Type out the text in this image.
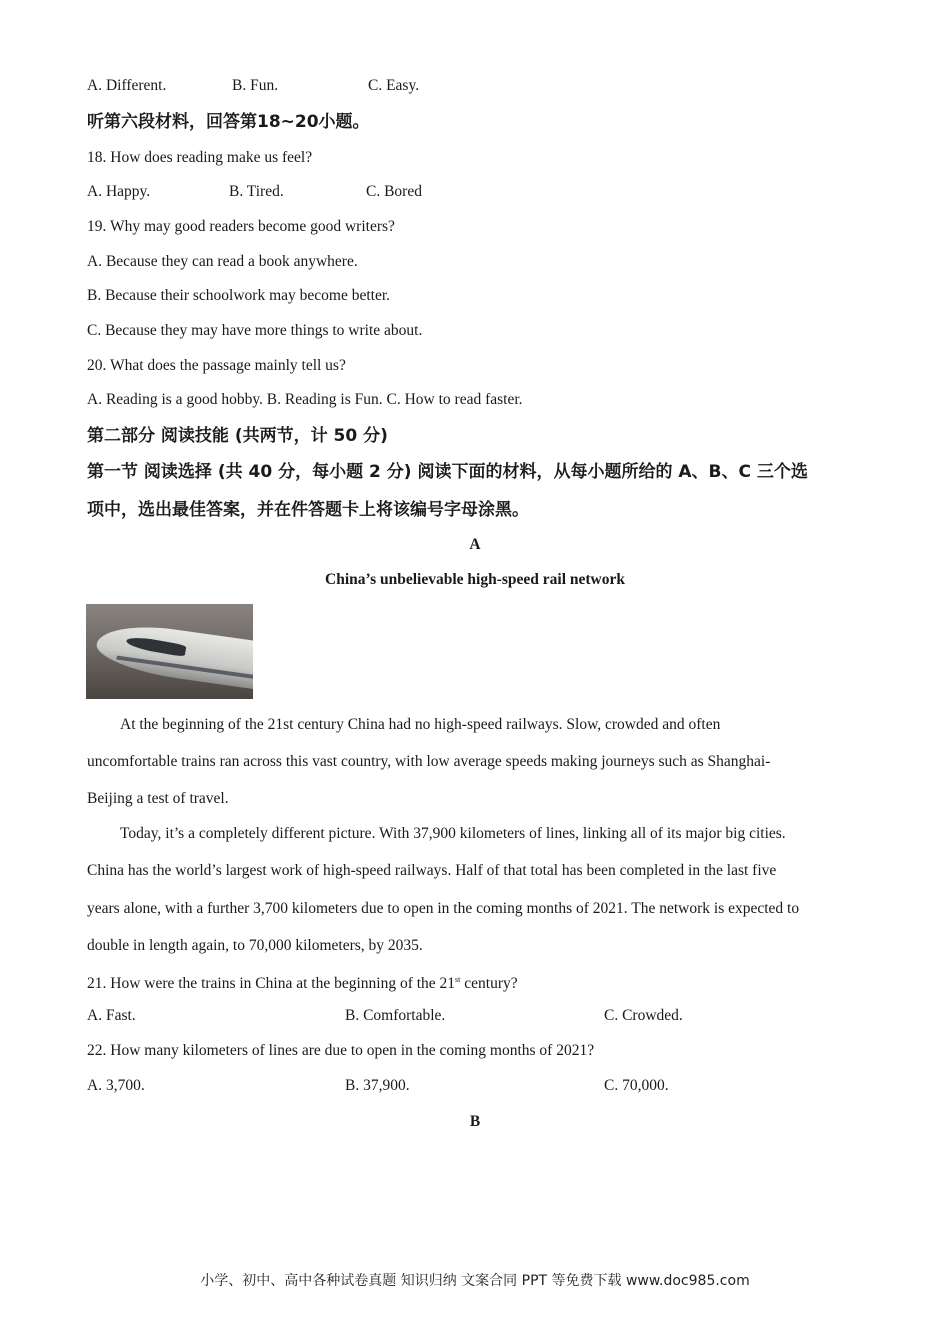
A. Different.	B. Fun.	C. Easy.
听第六段材料，回答第18~20小题。
18. How does reading make us feel?
A. Happy.	B. Tired.	C. Bored
19. Why may good readers become good writers?
A. Because they can read a book anywhere.
B. Because their schoolwork may become better.
C. Because they may have more things to write about.
20. What does the passage mainly tell us?
A. Reading is a good hobby. B. Reading is Fun. C. How to read faster.
第二部分 阅读技能 (共两节，计 50 分)
第一节 阅读选择 (共 40 分，每小题 2 分) 阅读下面的材料，从每小题所给的 A、B、C 三个选
项中，选出最佳答案，并在件答题卡上将该编号字母涂黑。
A
China’s unbelievable high-speed rail network
At the beginning of the 21st century China had no high-speed railways. Slow, crowded and often
uncomfortable trains ran across this vast country, with low average speeds making journeys such as Shanghai-
Beijing a test of travel.
Today, it’s a completely different picture. With 37,900 kilometers of lines, linking all of its major big cities.
China has the world’s largest work of high-speed railways. Half of that total has been completed in the last five
years alone, with a further 3,700 kilometers due to open in the coming months of 2021. The network is expected to
double in length again, to 70,000 kilometers, by 2035.
21. How were the trains in China at the beginning of the 21st century?
A. Fast.	B. Comfortable.	C. Crowded.
22. How many kilometers of lines are due to open in the coming months of 2021?
A. 3,700.	B. 37,900.	C. 70,000.
B
小学、初中、高中各种试卷真题 知识归纳 文案合同 PPT 等免费下载 www.doc985.com
